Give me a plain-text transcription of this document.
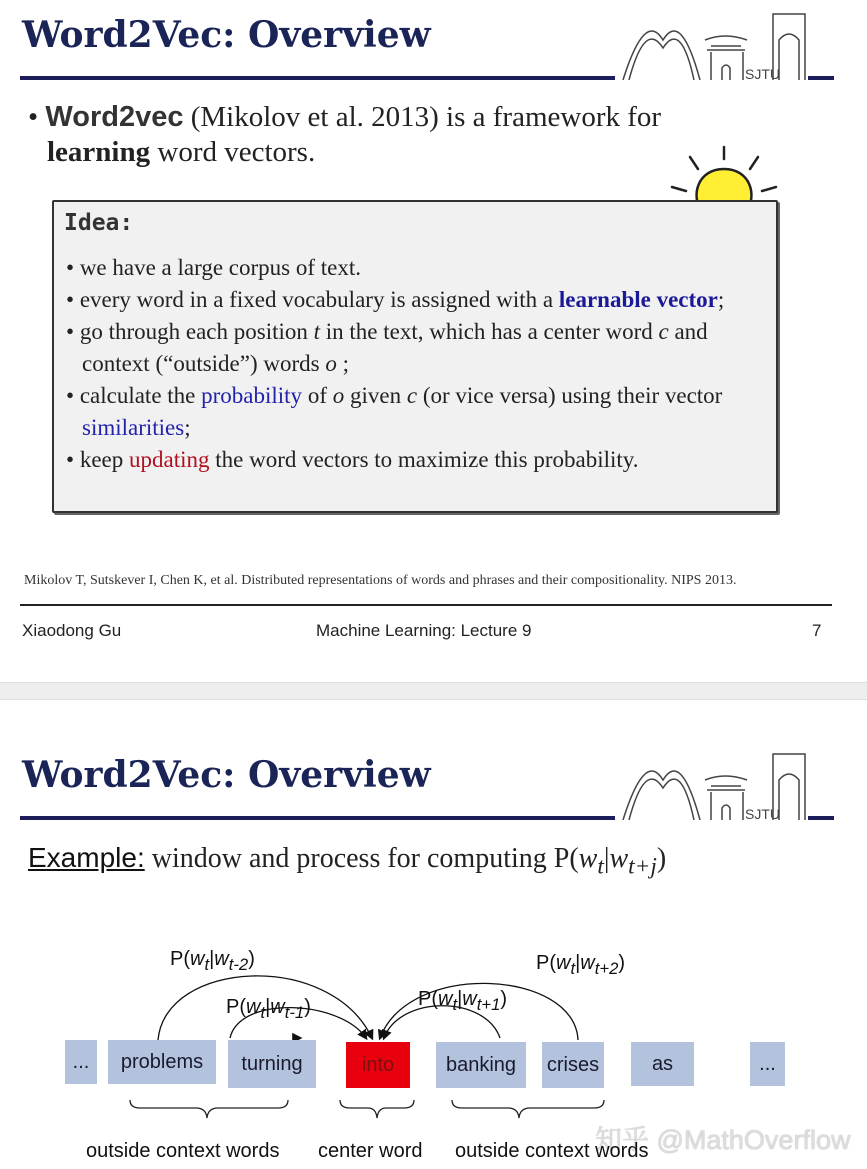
Word2Vec: Overview
SJTU
• Word2vec (Mikolov et al. 2013) is a framework for
learning word vectors.
Idea:
• we have a large corpus of text.
• every word in a fixed vocabulary is assigned with a learnable vector;
• go through each position t in the text, which has a center word c and context (“outside”) words o ;
• calculate the probability of o given c (or vice versa) using their vector similarities;
• keep updating the word vectors to maximize this probability.
Mikolov T, Sutskever I, Chen K, et al. Distributed representations of words and phrases and their compositionality. NIPS 2013.
Xiaodong Gu	Machine Learning: Lecture 9	7
Word2Vec: Overview
SJTU
Example: window and process for computing $P(w_t|w_{t+j})$
$P(w_t|w_{t-2})$
$P(w_t|w_{t-1})$	$P(w_t|w_{t+1})$
$P(w_t|w_{t+2})$
...	problems	turning	into	banking	crises	as	...
知乎 @MathOverflow
outside context words center word outside context words
